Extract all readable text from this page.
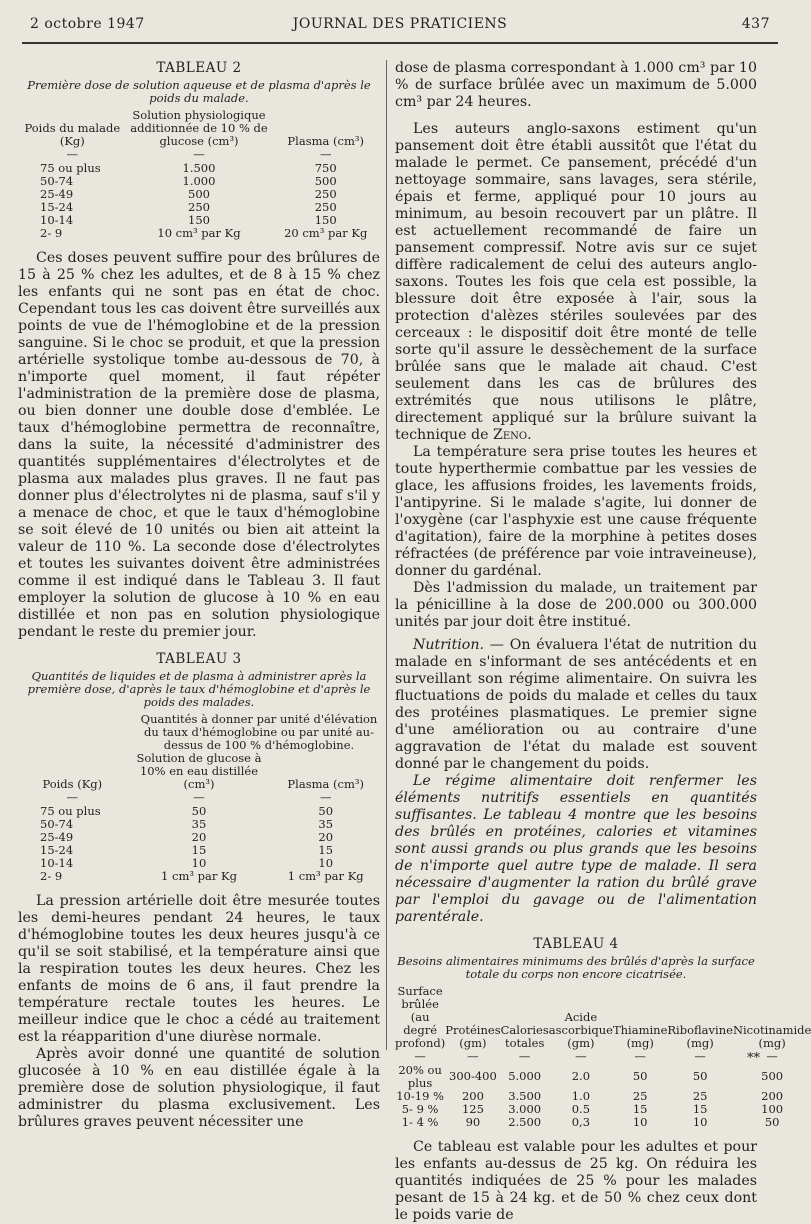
2 octobre 1947	JOURNAL DES PRATICIENS	437

TABLEAU 2

Première dose de solution aqueuse et de plasma d'après le poids du malade.

Poids du malade (Kg)	Solution physiologique additionnée de 10 % de glucose (cm³)	Plasma (cm³)
—	—	—
75 ou plus	1.500	750
50-74	1.000	500
25-49	500	250
15-24	250	250
10-14	150	150
2- 9	10 cm³ par Kg	20 cm³ par Kg

Ces doses peuvent suffire pour des brûlures de 15 à 25 % chez les adultes, et de 8 à 15 % chez les enfants qui ne sont pas en état de choc. Cependant tous les cas doivent être surveillés aux points de vue de l'hémoglobine et de la pression sanguine. Si le choc se produit, et que la pression artérielle systolique tombe au-dessous de 70, à n'importe quel moment, il faut répéter l'administration de la première dose de plasma, ou bien donner une double dose d'emblée. Le taux d'hémoglobine permettra de reconnaître, dans la suite, la nécessité d'administrer des quantités supplémentaires d'électrolytes et de plasma aux malades plus graves. Il ne faut pas donner plus d'électrolytes ni de plasma, sauf s'il y a menace de choc, et que le taux d'hémoglobine se soit élevé de 10 unités ou bien ait atteint la valeur de 110 %. La seconde dose d'électrolytes et toutes les suivantes doivent être administrées comme il est indiqué dans le Tableau 3. Il faut employer la solution de glucose à 10 % en eau distillée et non pas en solution physiologique pendant le reste du premier jour.

TABLEAU 3

Quantités de liquides et de plasma à administrer après la première dose, d'après le taux d'hémoglobine et d'après le poids des malades.

Quantités à donner par unité d'élévation du taux d'hémoglobine ou par unité au-dessus de 100 % d'hémoglobine.
Poids (Kg)	Solution de glucose à 10% en eau distillée (cm³)	Plasma (cm³)
—	—	—
75 ou plus	50	50
50-74	35	35
25-49	20	20
15-24	15	15
10-14	10	10
2- 9	1 cm³ par Kg	1 cm³ par Kg

La pression artérielle doit être mesurée toutes les demi-heures pendant 24 heures, le taux d'hémoglobine toutes les deux heures jusqu'à ce qu'il se soit stabilisé, et la température ainsi que la respiration toutes les deux heures. Chez les enfants de moins de 6 ans, il faut prendre la température rectale toutes les heures. Le meilleur indice que le choc a cédé au traitement est la réapparition d'une diurèse normale.

Après avoir donné une quantité de solution glucosée à 10 % en eau distillée égale à la première dose de solution physiologique, il faut administrer du plasma exclusivement. Les brûlures graves peuvent nécessiter une

dose de plasma correspondant à 1.000 cm³ par 10 % de surface brûlée avec un maximum de 5.000 cm³ par 24 heures.

Les auteurs anglo-saxons estiment qu'un pansement doit être établi aussitôt que l'état du malade le permet. Ce pansement, précédé d'un nettoyage sommaire, sans lavages, sera stérile, épais et ferme, appliqué pour 10 jours au minimum, au besoin recouvert par un plâtre. Il est actuellement recommandé de faire un pansement compressif. Notre avis sur ce sujet diffère radicalement de celui des auteurs anglo-saxons. Toutes les fois que cela est possible, la blessure doit être exposée à l'air, sous la protection d'alèzes stériles soulevées par des cerceaux : le dispositif doit être monté de telle sorte qu'il assure le dessèchement de la surface brûlée sans que le malade ait chaud. C'est seulement dans les cas de brûlures des extrémités que nous utilisons le plâtre, directement appliqué sur la brûlure suivant la technique de Zeno.

La température sera prise toutes les heures et toute hyperthermie combattue par les vessies de glace, les affusions froides, les lavements froids, l'antipyrine. Si le malade s'agite, lui donner de l'oxygène (car l'asphyxie est une cause fréquente d'agitation), faire de la morphine à petites doses réfractées (de préférence par voie intraveineuse), donner du gardénal.

Dès l'admission du malade, un traitement par la pénicilline à la dose de 200.000 ou 300.000 unités par jour doit être institué.

Nutrition. — On évaluera l'état de nutrition du malade en s'informant de ses antécédents et en surveillant son régime alimentaire. On suivra les fluctuations de poids du malade et celles du taux des protéines plasmatiques. Le premier signe d'une amélioration ou au contraire d'une aggravation de l'état du malade est souvent donné par le changement du poids.

Le régime alimentaire doit renfermer les éléments nutritifs essentiels en quantités suffisantes. Le tableau 4 montre que les besoins des brûlés en protéines, calories et vitamines sont aussi grands ou plus grands que les besoins de n'importe quel autre type de malade. Il sera nécessaire d'augmenter la ration du brûlé grave par l'emploi du gavage ou de l'alimentation parentérale.

TABLEAU 4

Besoins alimentaires minimums des brûlés d'après la surface totale du corps non encore cicatrisée.

Surface brûlée (au degré profond)	Protéines (gm)	Calories totales	Acide ascorbique (gm)	Thiamine (mg)	Riboflavine (mg)	Nicotinamide (mg)
—	—	—	—	—	—	—
20% ou plus	300-400	5.000	2.0	50	50	500
10-19 %	200	3.500	1.0	25	25	200
5- 9 %	125	3.000	0.5	15	15	100
1- 4 %	90	2.500	0,3	10	10	50

Ce tableau est valable pour les adultes et pour les enfants au-dessus de 25 kg. On réduira les quantités indiquées de 25 % pour les malades pesant de 15 à 24 kg. et de 50 % chez ceux dont le poids varie de

**
